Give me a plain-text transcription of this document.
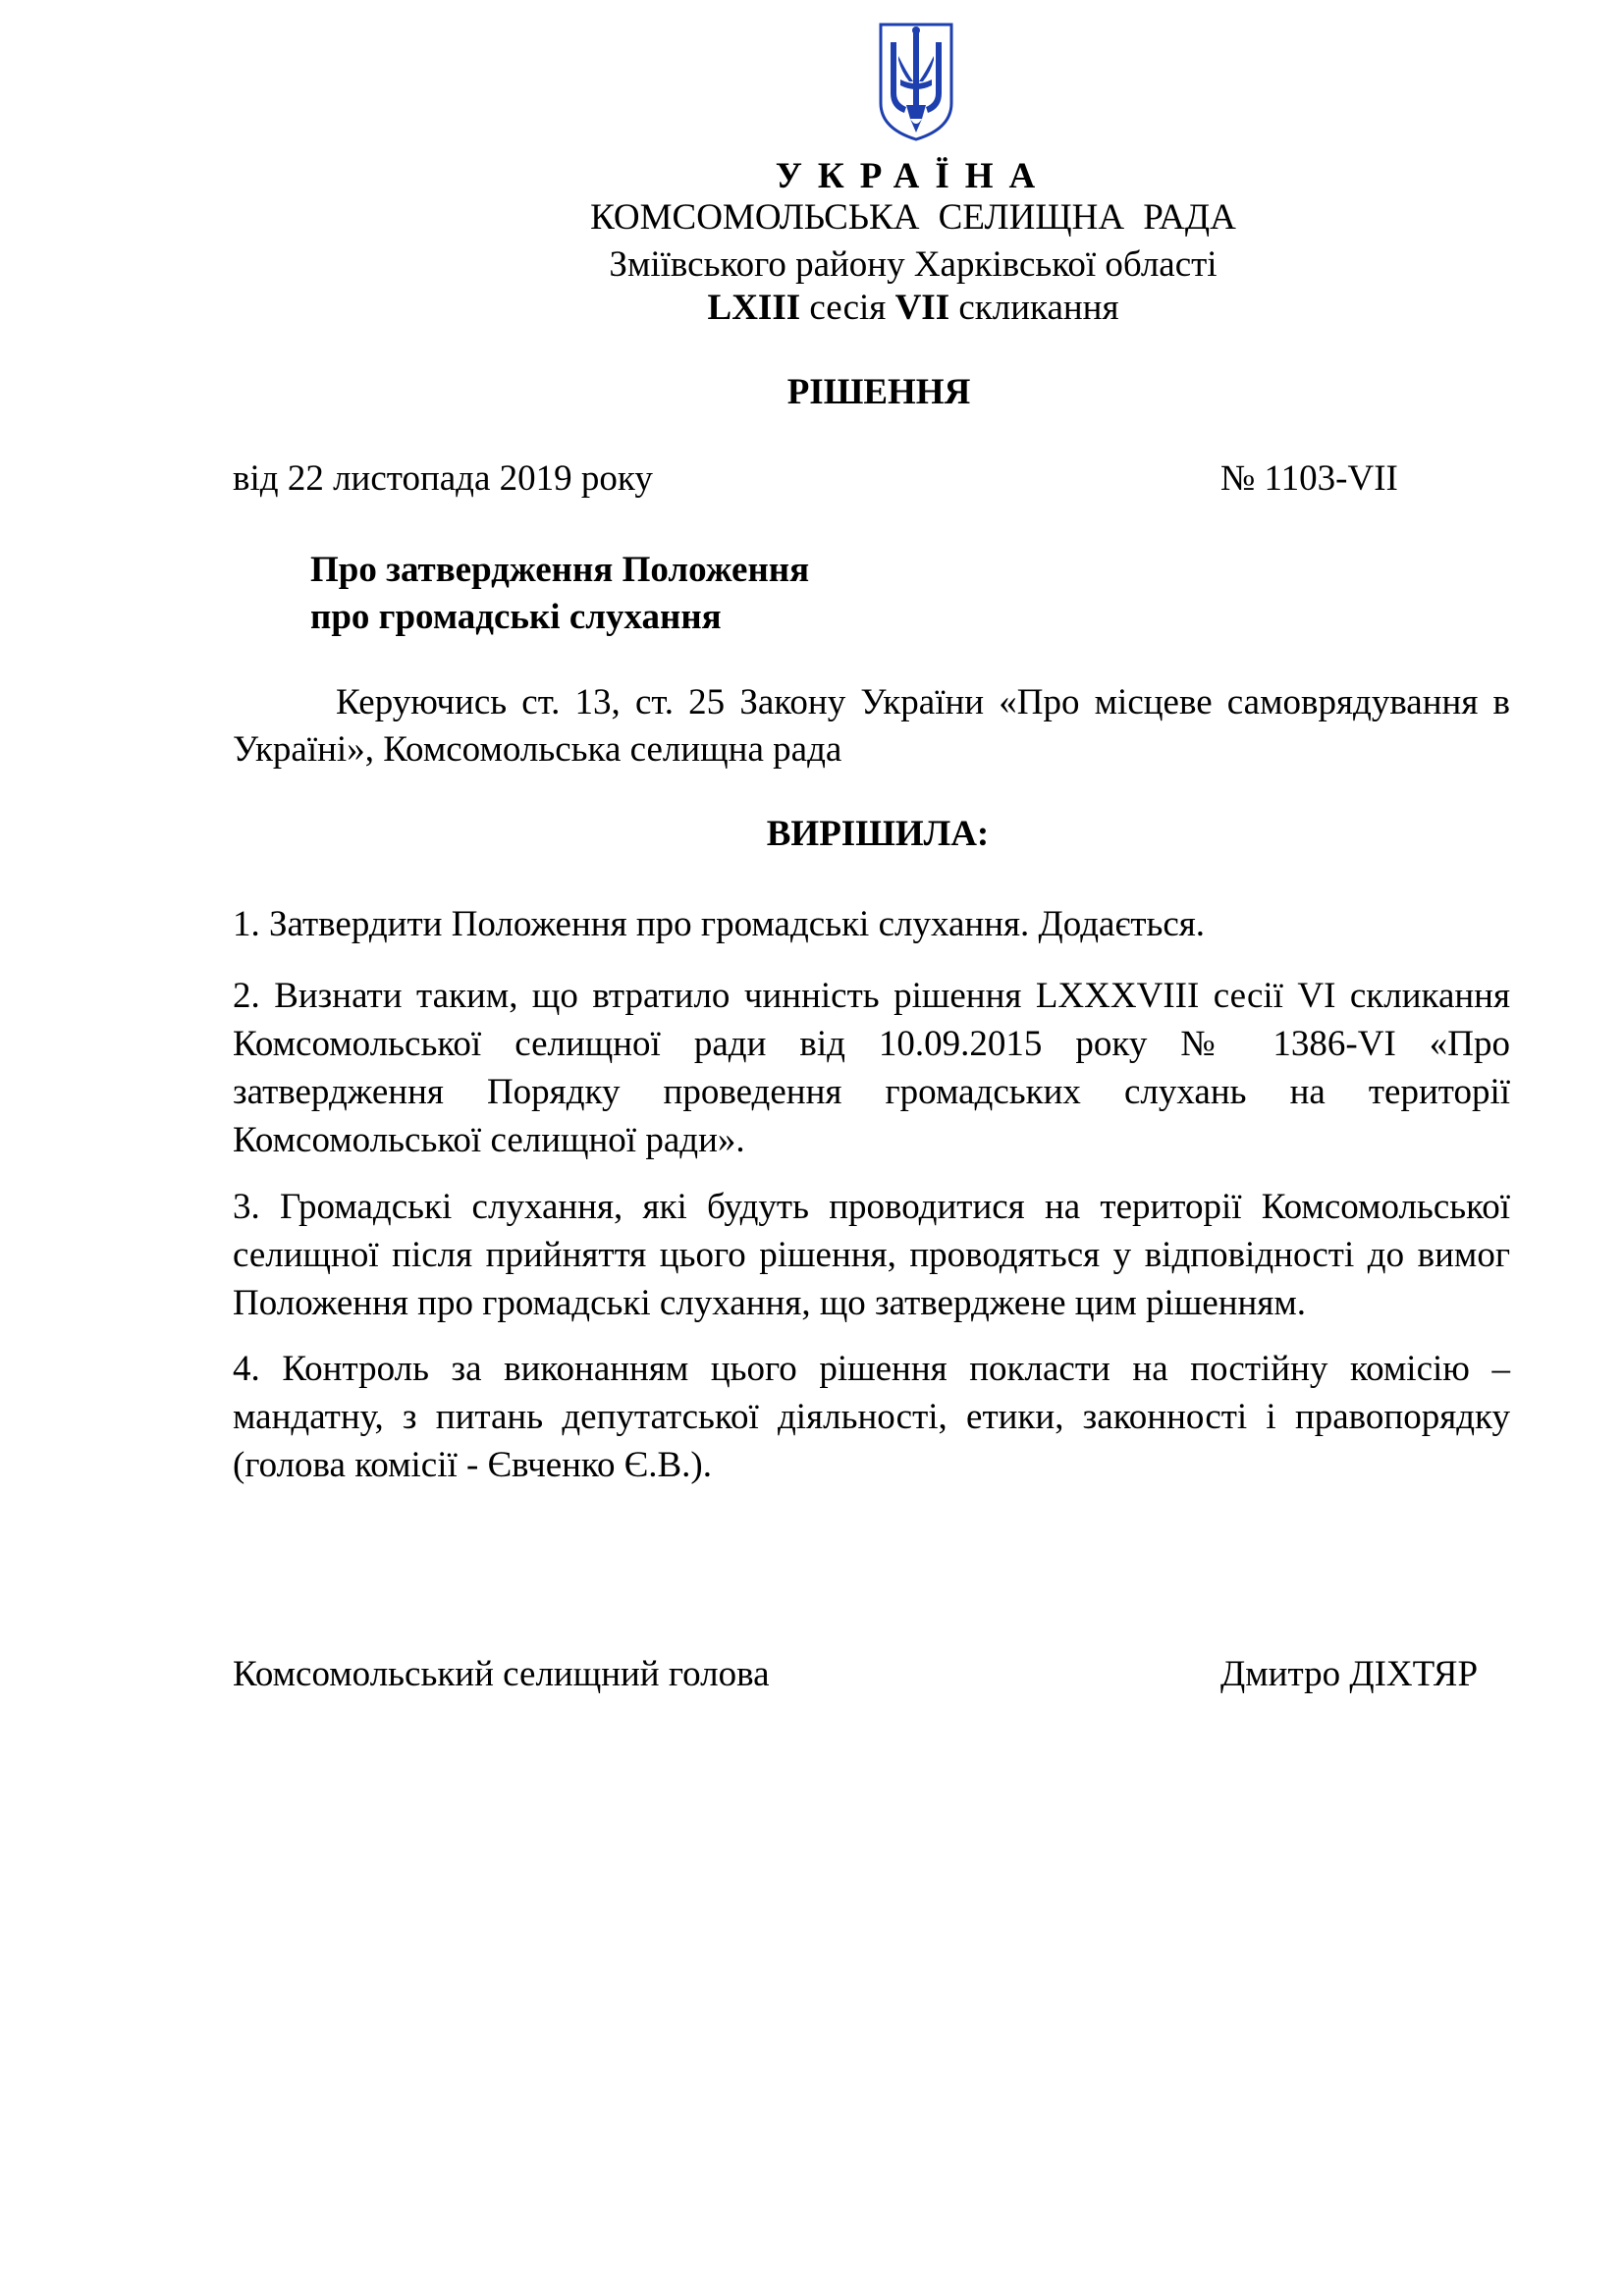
УКРАЇНА
КОМСОМОЛЬСЬКА СЕЛИЩНА РАДА
Зміївського району Харківської області
LXIII сесія VII скликання
РІШЕННЯ
від 22 листопада 2019 року	№ 1103-VII
Про затвердження Положення
про громадські слухання
Керуючись ст. 13, ст. 25 Закону України «Про місцеве самоврядування в Україні», Комсомольська селищна рада
ВИРІШИЛА:
1. Затвердити Положення про громадські слухання. Додається.
2. Визнати таким, що втратило чинність рішення LXXXVIII сесії VI скликання Комсомольської селищної ради від 10.09.2015 року № 1386-VI «Про затвердження Порядку проведення громадських слухань на території Комсомольської селищної ради».
3. Громадські слухання, які будуть проводитися на території Комсомольської селищної після прийняття цього рішення, проводяться у відповідності до вимог Положення про громадські слухання, що затверджене цим рішенням.
4. Контроль за виконанням цього рішення покласти на постійну комісію – мандатну, з питань депутатської діяльності, етики, законності і правопорядку (голова комісії - Євченко Є.В.).
Комсомольський селищний голова	Дмитро ДІХТЯР
